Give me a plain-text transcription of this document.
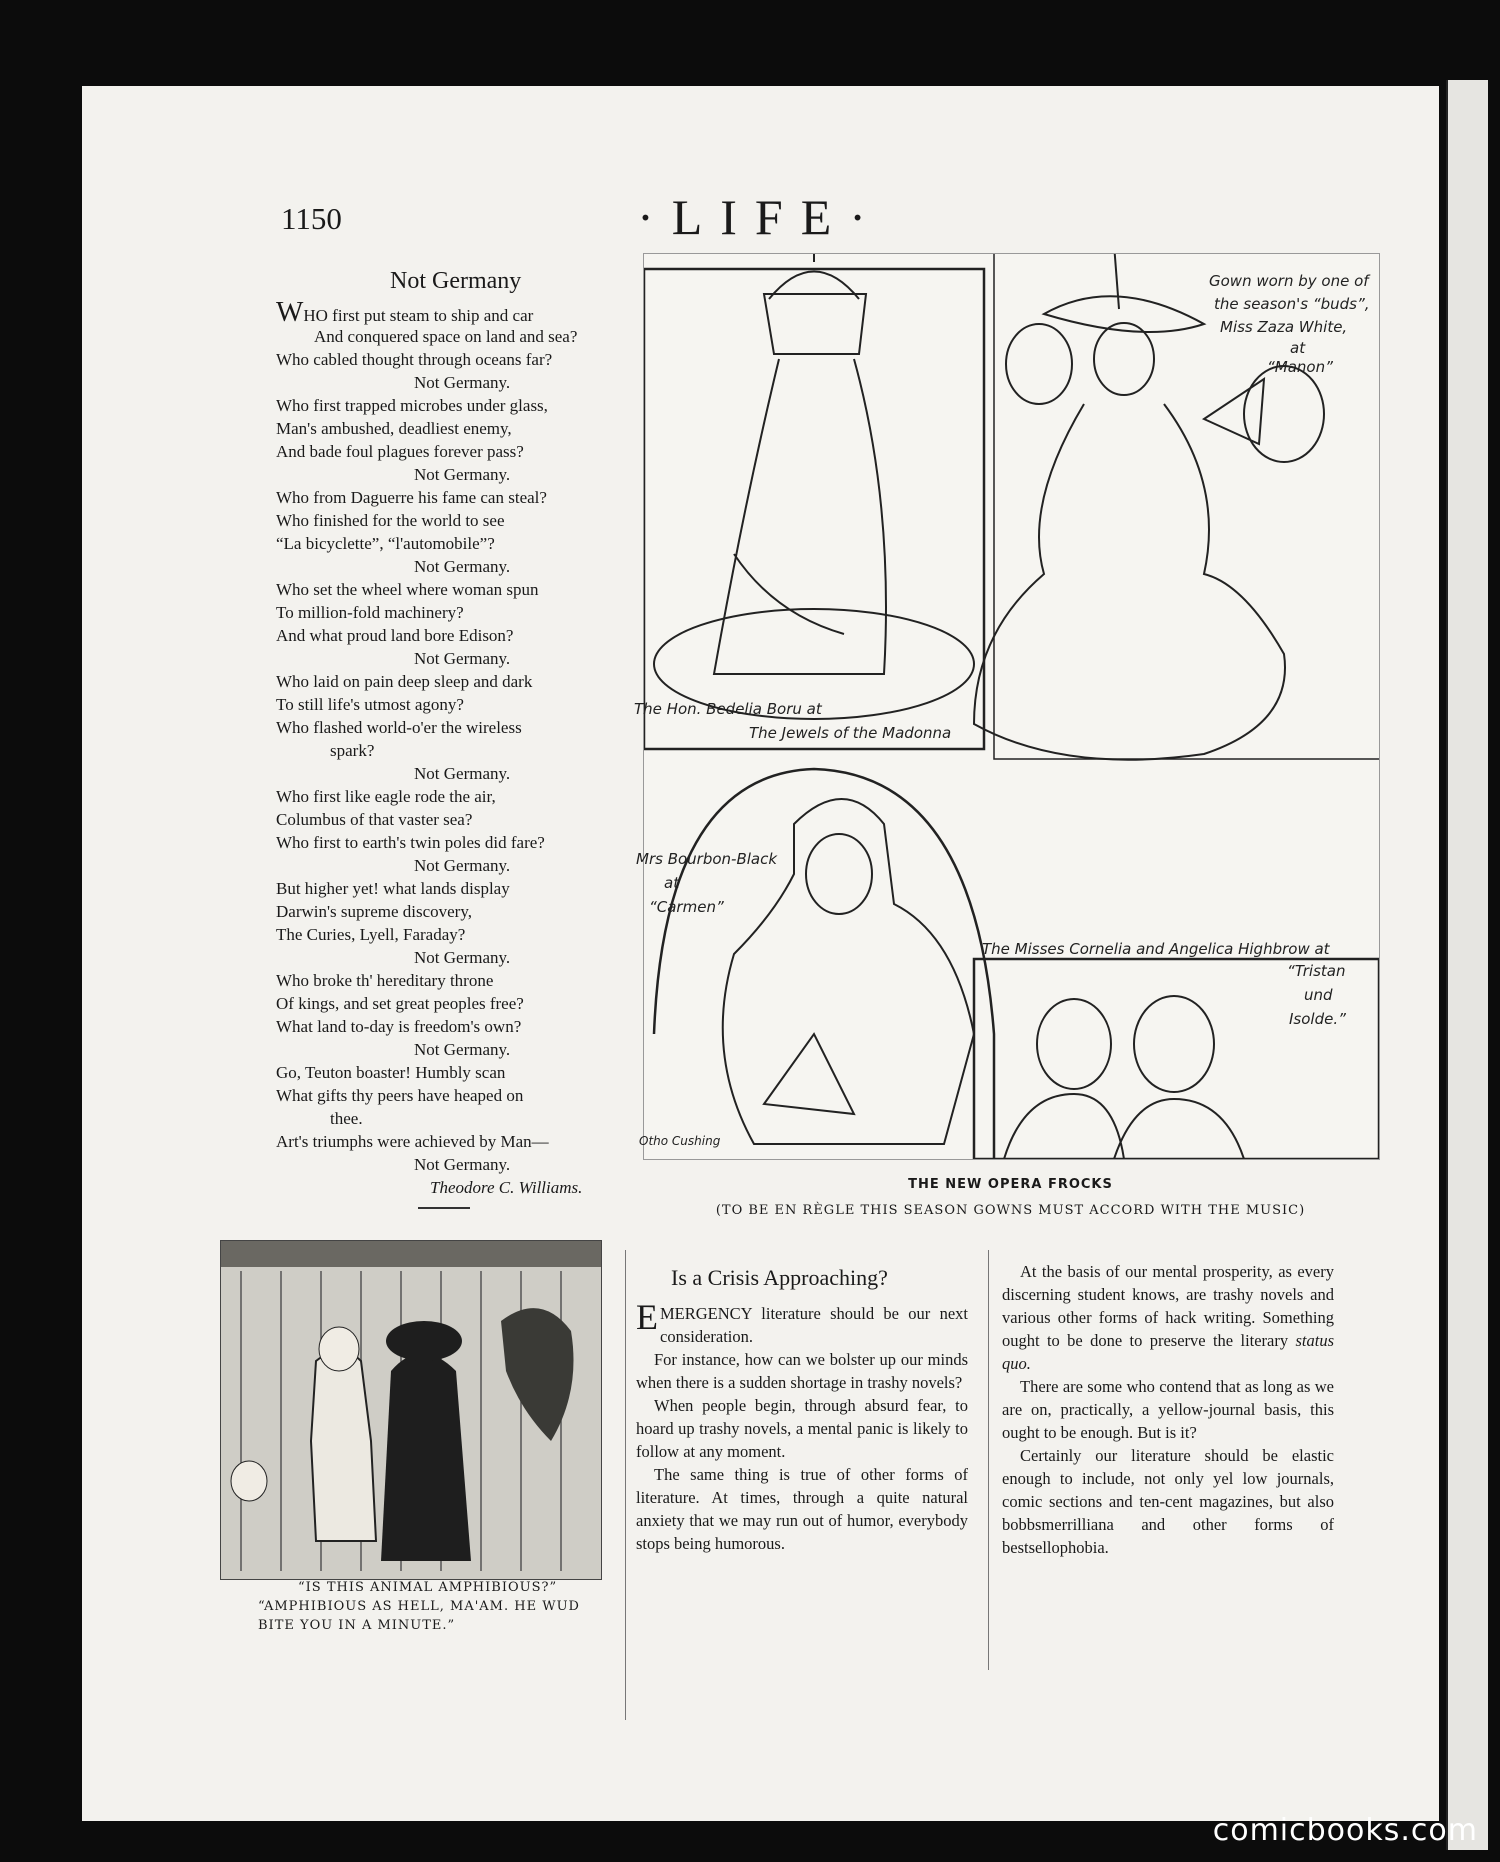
1150	·LIFE·
Not Germany
WHO first put steam to ship and car
And conquered space on land and sea?
Who cabled thought through oceans far?
Not Germany.
Who first trapped microbes under glass,
Man's ambushed, deadliest enemy,
And bade foul plagues forever pass?
Not Germany.
Who from Daguerre his fame can steal?
Who finished for the world to see
“La bicyclette”, “l'automobile”?
Not Germany.
Who set the wheel where woman spun
To million-fold machinery?
And what proud land bore Edison?
Not Germany.
Who laid on pain deep sleep and dark
To still life's utmost agony?
Who flashed world-o'er the wireless
spark?
Not Germany.
Who first like eagle rode the air,
Columbus of that vaster sea?
Who first to earth's twin poles did fare?
Not Germany.
But higher yet! what lands display
Darwin's supreme discovery,
The Curies, Lyell, Faraday?
Not Germany.
Who broke th' hereditary throne
Of kings, and set great peoples free?
What land to-day is freedom's own?
Not Germany.
Go, Teuton boaster! Humbly scan
What gifts thy peers have heaped on
thee.
Art's triumphs were achieved by Man—
Not Germany.
Theodore C. Williams.
The Hon. Bedelia Boru at
The Jewels of the Madonna
Gown worn by one of
the season's “buds”,
Miss Zaza White,
at
“Manon”
Mrs Bourbon-Black
at
“Carmen”
The Misses Cornelia and Angelica Highbrow at
“Tristan
und
Isolde.”
Otho Cushing
THE NEW OPERA FROCKS
(TO BE EN RÈGLE THIS SEASON GOWNS MUST ACCORD WITH THE MUSIC)
“IS THIS ANIMAL AMPHIBIOUS?”
“AMPHIBIOUS AS HELL, MA'AM. HE WUD BITE YOU IN A MINUTE.”
Is a Crisis Approaching?

EMERGENCY literature should be our next consideration.

For instance, how can we bolster up our minds when there is a sudden shortage in trashy novels?

When people begin, through absurd fear, to hoard up trashy novels, a mental panic is likely to follow at any moment.

The same thing is true of other forms of literature. At times, through a quite natural anxiety that we may run out of humor, everybody stops being humorous.

At the basis of our mental prosperity, as every discerning student knows, are trashy novels and various other forms of hack writing. Something ought to be done to preserve the literary status quo.

There are some who contend that as long as we are on, practically, a yellow-journal basis, this ought to be enough. But is it?

Certainly our literature should be elastic enough to include, not only yel low journals, comic sections and ten-cent magazines, but also bobbsmerrilliana and other forms of bestsellophobia.

comicbooks.com
